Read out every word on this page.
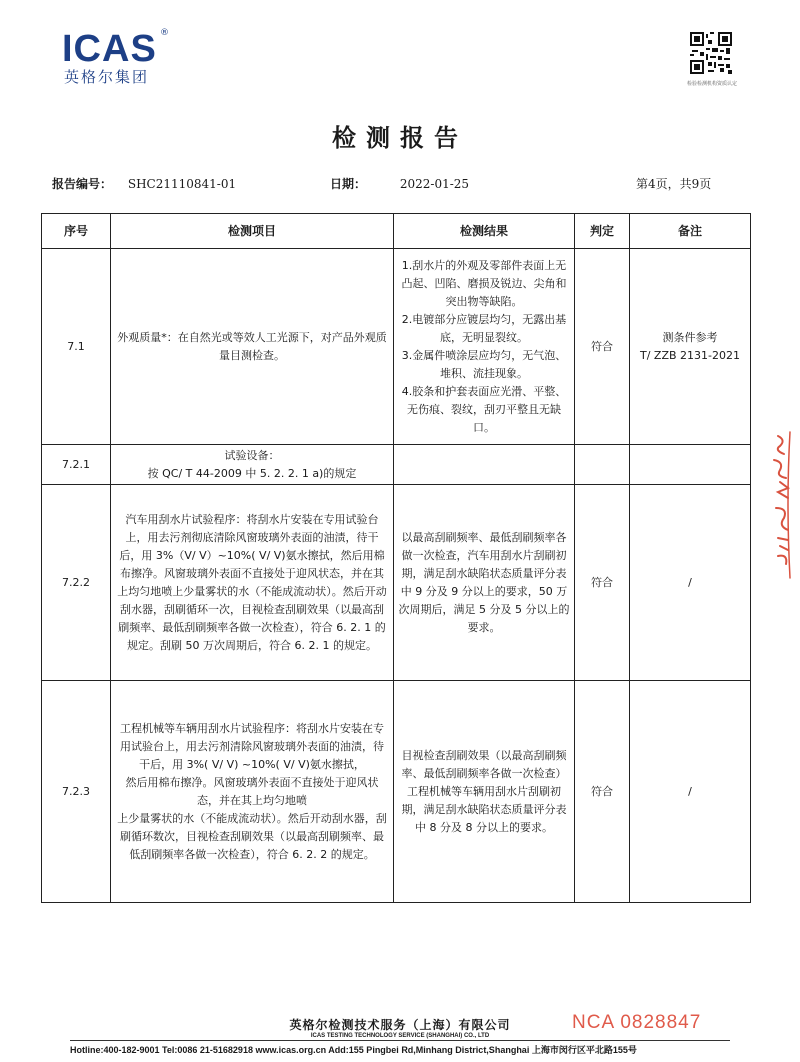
ICAS ®
英格尔集团	检验检测机构资质认定
检测报告
报告编号： SHC21110841-01	日期：	2022-01-25	第4页，共9页
序号	检测项目	检测结果	判定	备注
7.1	外观质量*：在自然光或等效人工光源下，对产品外观质量目测检查。	1.刮水片的外观及零部件表面上无凸起、凹陷、磨损及锐边、尖角和突出物等缺陷。
2.电镀部分应镀层均匀，无露出基底，无明显裂纹。
3.金属件喷涂层应均匀，无气泡、堆积、流挂现象。
4.胶条和护套表面应光滑、平整、无伤痕、裂纹，刮刃平整且无缺口。	符合	测条件参考
T/ ZZB 2131-2021
7.2.1	试验设备：
按 QC/ T 44-2009 中 5. 2. 2. 1 a)的规定			
7.2.2	汽车用刮水片试验程序：将刮水片安装在专用试验台上，用去污剂彻底清除风窗玻璃外表面的油渍，待干后，用 3%（V/ V）~10%( V/ V)氨水擦拭，然后用棉布擦净。风窗玻璃外表面不直接处于迎风状态，并在其上均匀地喷上少量雾状的水（不能成流动状）。然后开动刮水器，刮刷循环一次，目视检查刮刷效果（以最高刮刷频率、最低刮刷频率各做一次检查），符合 6. 2. 1 的规定。刮刷 50 万次周期后，符合 6. 2. 1 的规定。	以最高刮刷频率、最低刮刷频率各做一次检查，汽车用刮水片刮刷初期，满足刮水缺陷状态质量评分表中 9 分及 9 分以上的要求，50 万次周期后，满足 5 分及 5 分以上的要求。	符合	/
7.2.3	工程机械等车辆用刮水片试验程序：将刮水片安装在专用试验台上，用去污剂清除风窗玻璃外表面的油渍，待干后，用 3%( V/ V) ~10%( V/ V)氨水擦拭，
然后用棉布擦净。风窗玻璃外表面不直接处于迎风状态，并在其上均匀地喷
上少量雾状的水（不能成流动状）。然后开动刮水器，刮刷循环数次，目视检查刮刷效果（以最高刮刷频率、最低刮刷频率各做一次检查），符合 6. 2. 2 的规定。	目视检查刮刷效果（以最高刮刷频率、最低刮刷频率各做一次检查）工程机械等车辆用刮水片刮刷初期，满足刮水缺陷状态质量评分表中 8 分及 8 分以上的要求。	符合	/
英格尔检测技术服务（上海）有限公司	NCA 0828847
ICAS TESTING TECHNOLOGY SERVICE (SHANGHAI) CO., LTD
Hotline:400-182-9001 Tel:0086 21-51682918 www.icas.org.cn Add:155 Pingbei Rd,Minhang District,Shanghai 上海市闵行区平北路155号
